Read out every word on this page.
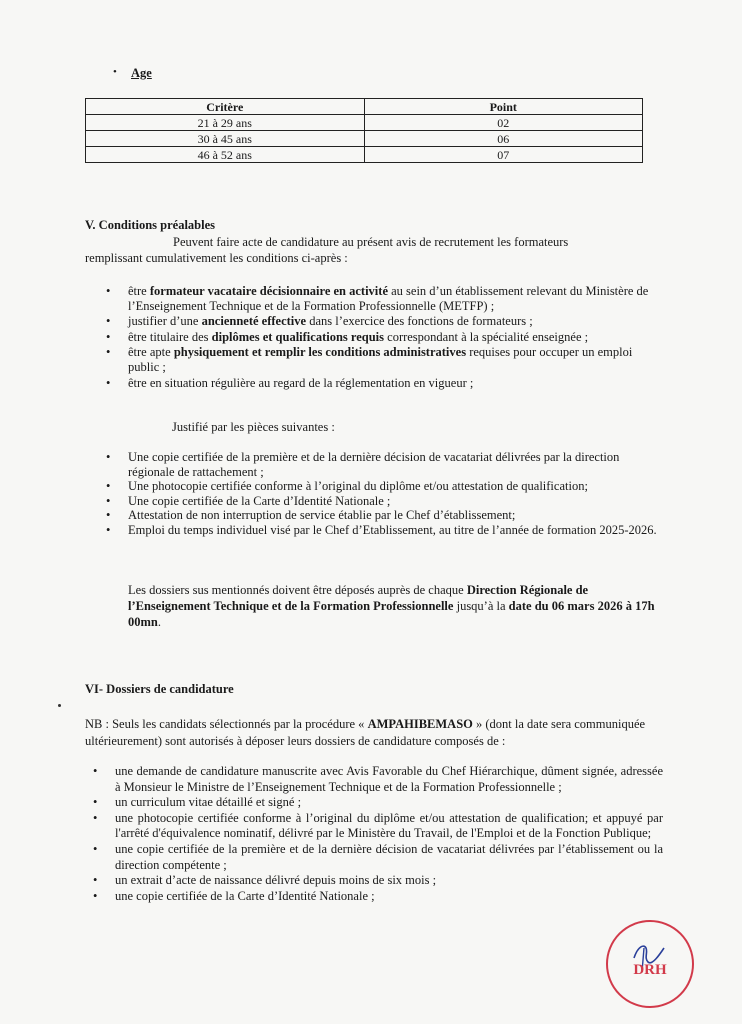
• Age

Critère	Point
21 à 29 ans	02
30 à 45 ans	06
46 à 52 ans	07

V. Conditions préalables

Peuvent faire acte de candidature au présent avis de recrutement les formateurs

remplissant cumulativement les conditions ci-après :

• être formateur vacataire décisionnaire en activité au sein d’un établissement relevant du Ministère de l’Enseignement Technique et de la Formation Professionnelle (METFP) ;
• justifier d’une ancienneté effective dans l’exercice des fonctions de formateurs ;
• être titulaire des diplômes et qualifications requis correspondant à la spécialité enseignée ;
• être apte physiquement et remplir les conditions administratives requises pour occuper un emploi public ;
• être en situation régulière au regard de la réglementation en vigueur ;

Justifié par les pièces suivantes :

• Une copie certifiée de la première et de la dernière décision de vacatariat délivrées par la direction régionale de rattachement ;
• Une photocopie certifiée conforme à l’original du diplôme et/ou attestation de qualification;
• Une copie certifiée de la Carte d’Identité Nationale ;
• Attestation de non interruption de service établie par le Chef d’établissement;
• Emploi du temps individuel visé par le Chef d’Etablissement, au titre de l’année de formation 2025-2026.

Les dossiers sus mentionnés doivent être déposés auprès de chaque Direction Régionale de l’Enseignement Technique et de la Formation Professionnelle jusqu’à la date du 06 mars 2026 à 17h 00mn.

VI- Dossiers de candidature

NB : Seuls les candidats sélectionnés par la procédure « AMPAHIBEMASO » (dont la date sera communiquée ultérieurement) sont autorisés à déposer leurs dossiers de candidature composés de :

• une demande de candidature manuscrite avec Avis Favorable du Chef Hiérarchique, dûment signée, adressée à Monsieur le Ministre de l’Enseignement Technique et de la Formation Professionnelle ;
• un curriculum vitae détaillé et signé ;
• une photocopie certifiée conforme à l’original du diplôme et/ou attestation de qualification; et appuyé par l'arrêté d'équivalence nominatif, délivré par le Ministère du Travail, de l'Emploi et de la Fonction Publique;
• une copie certifiée de la première et de la dernière décision de vacatariat délivrées par l’établissement ou la direction compétente ;
• un extrait d’acte de naissance délivré depuis moins de six mois ;
• une copie certifiée de la Carte d’Identité Nationale ;
DRH
